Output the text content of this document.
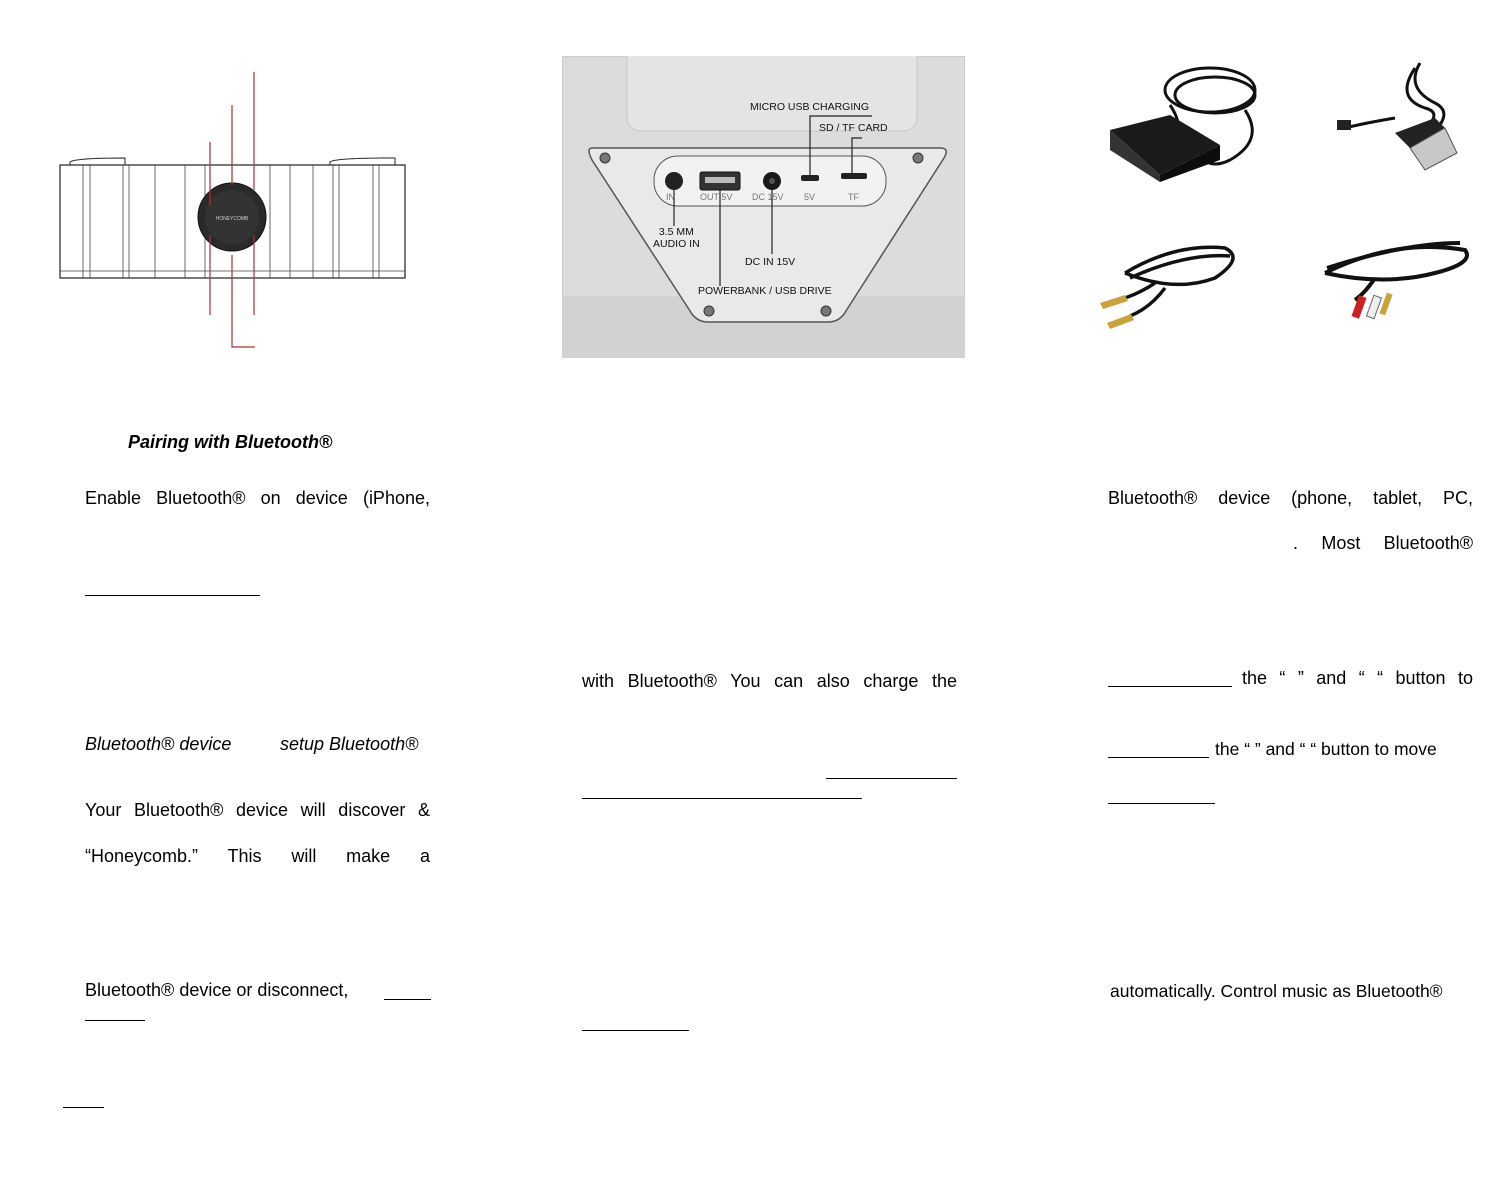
HONEYCOMB
IN	OUT 5V DC 15V 5V	TF
MICRO USB CHARGING
SD / TF CARD
DC IN 15V
POWERBANK / USB DRIVE
3.5 MM
AUDIO IN
Pairing with Bluetooth®
Enable Bluetooth® on device (iPhone,
Bluetooth® device	setup Bluetooth®
Your Bluetooth® device will discover &
“Honeycomb.” This will make a
Bluetooth® device or disconnect,
with Bluetooth® You can also charge the
Bluetooth® device (phone, tablet, PC,
. Most Bluetooth®
the “ ” and “ “ button to
the “ ” and “ “ button to move
automatically. Control music as Bluetooth®
